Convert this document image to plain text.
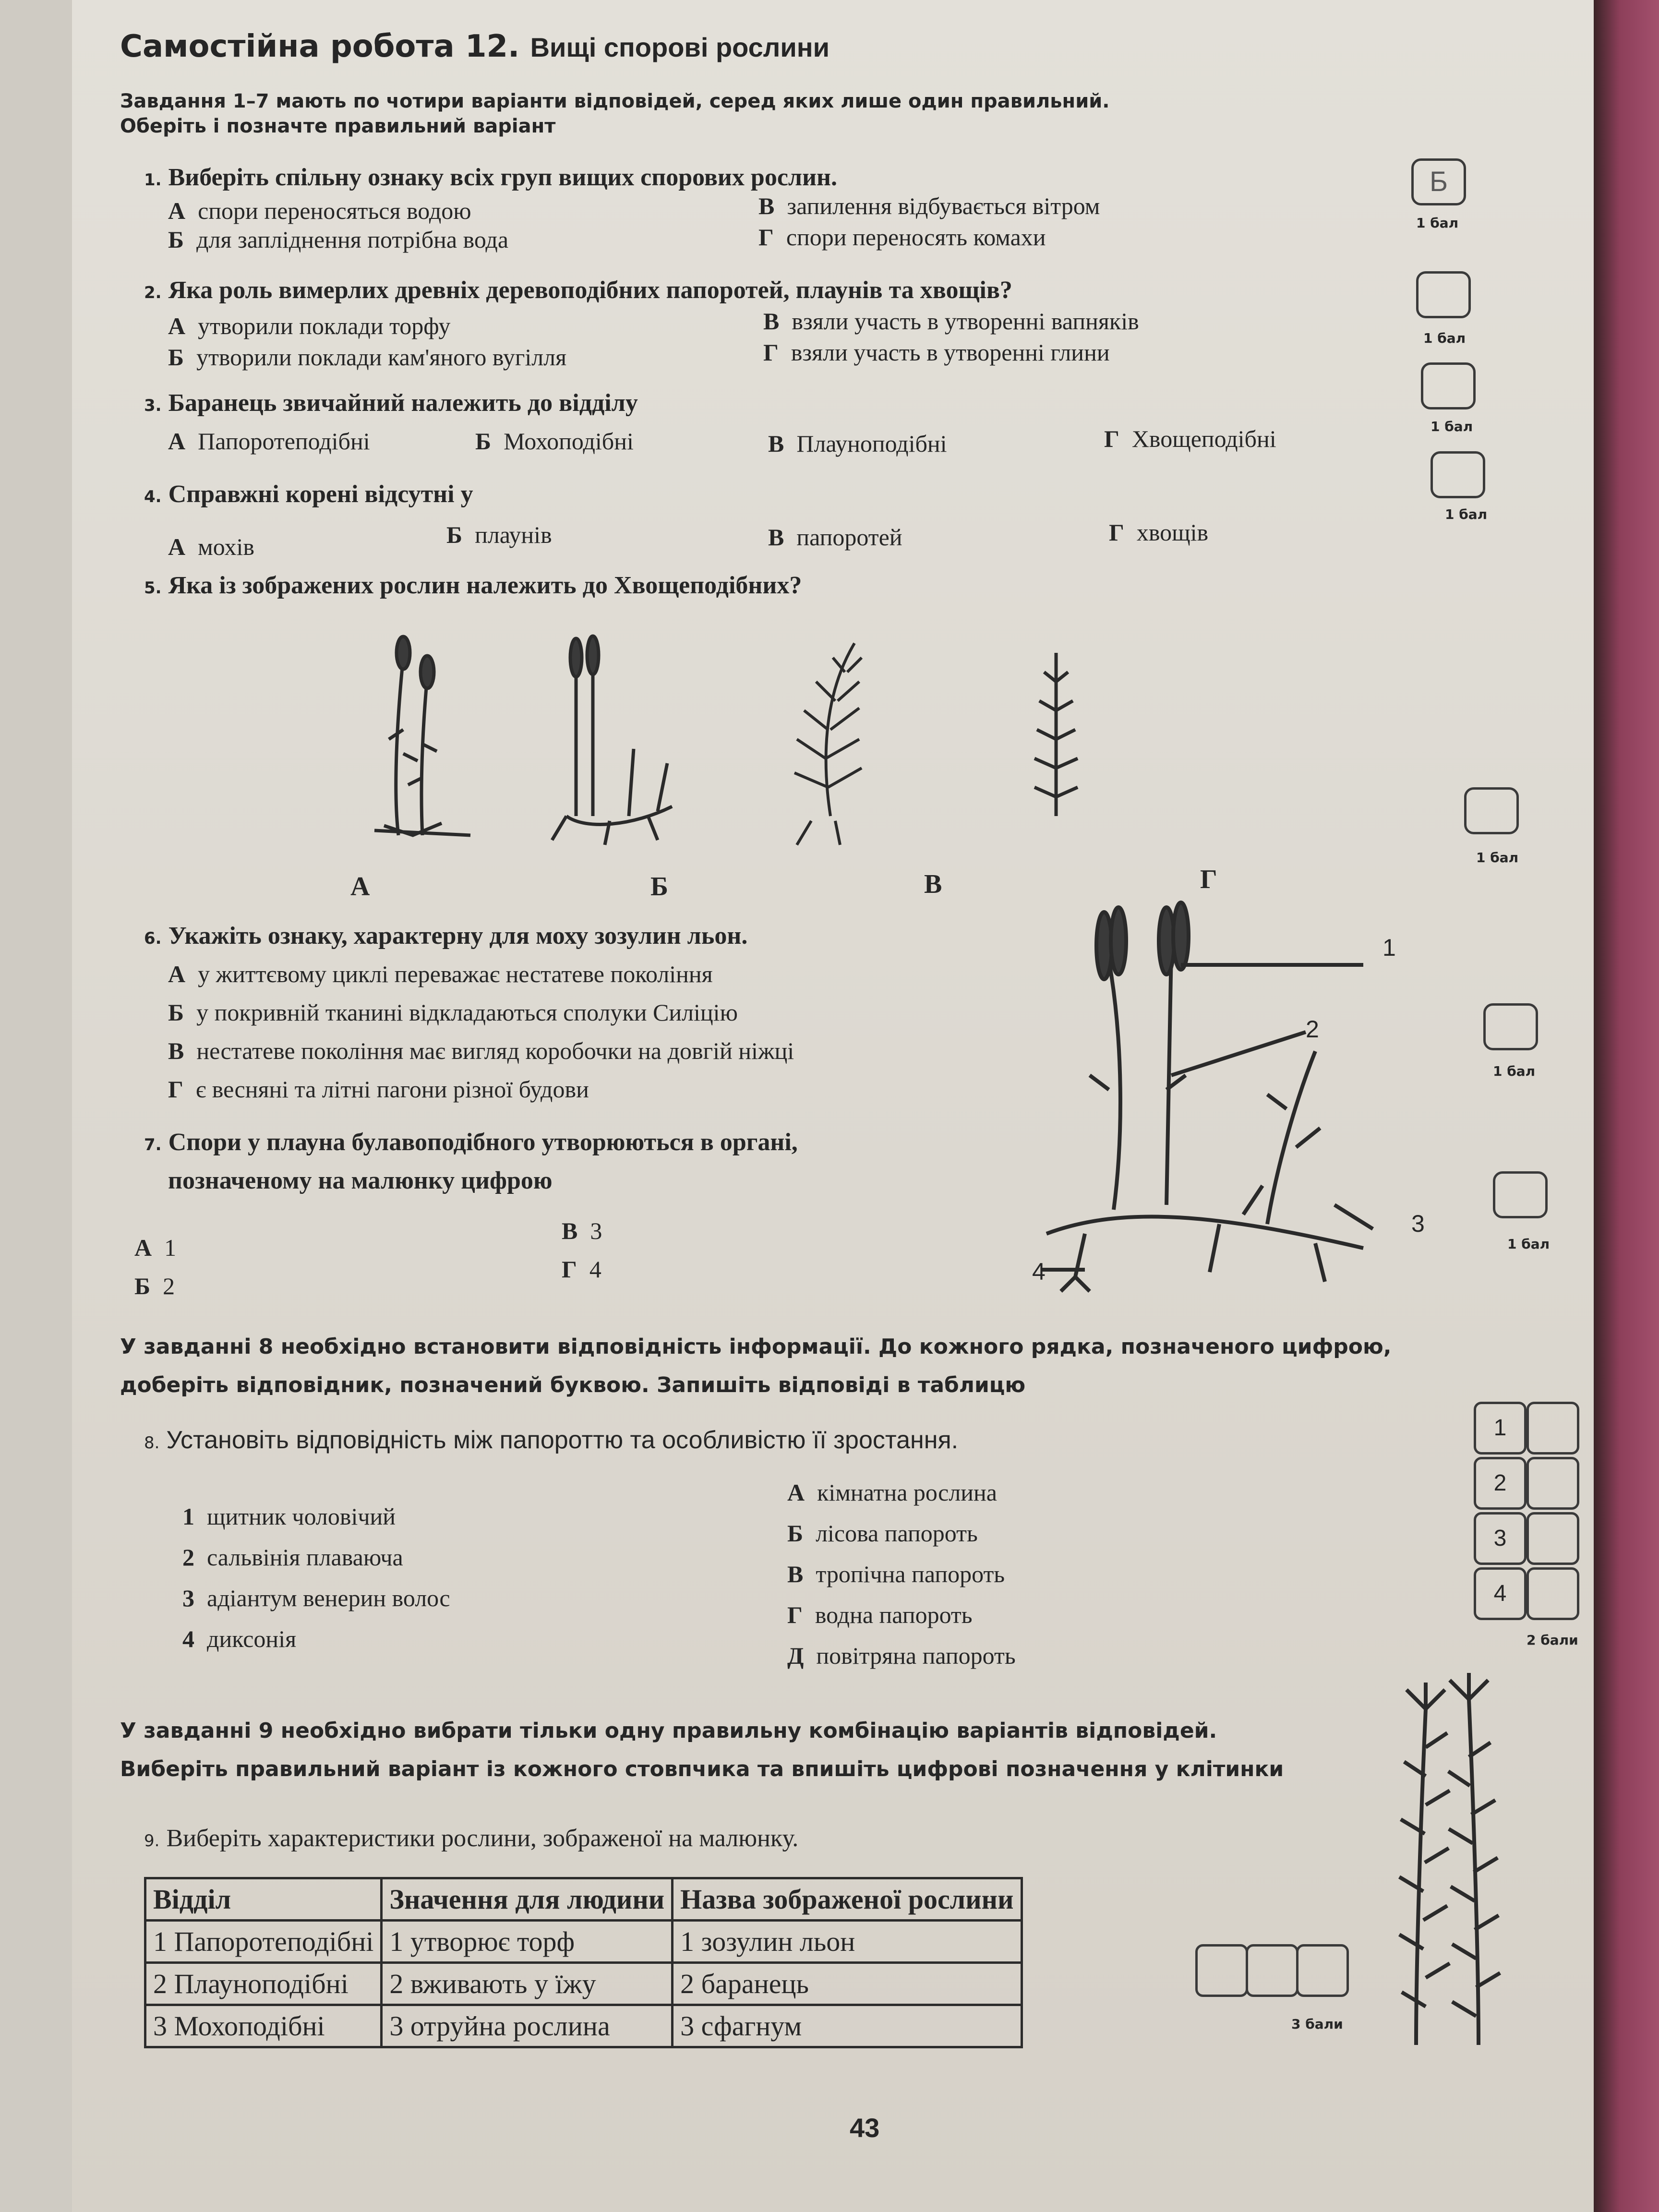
Самостійна робота 12. Вищі спорові рослини
Завдання 1–7 мають по чотири варіанти відповідей, серед яких лише один правильний.
Оберіть і позначте правильний варіант
1. Виберіть спільну ознаку всіх груп вищих спорових рослин.
А спори переносяться водою
Б для запліднення потрібна вода
В запилення відбувається вітром
Г спори переносять комахи
Б
1 бал
2. Яка роль вимерлих древніх деревоподібних папоротей, плаунів та хвощів?
А утворили поклади торфу
Б утворили поклади кам'яного вугілля
В взяли участь в утворенні вапняків
Г взяли участь в утворенні глини
1 бал
3. Баранець звичайний належить до відділу
А Папоротеподібні	Б Мохоподібні	В Плауноподібні	Г Хвощеподібні	1 бал
4. Справжні корені відсутні у
А мохів	Б плаунів	В папоротей	Г хвощів
1 бал
5. Яка із зображених рослин належить до Хвощеподібних?
А	Б	В	Г
1 бал
6. Укажіть ознаку, характерну для моху зозулин льон.
А у життєвому циклі переважає нестатеве покоління
Б у покривній тканині відкладаються сполуки Силіцію
В нестатеве покоління має вигляд коробочки на довгій ніжці
Г є весняні та літні пагони різної будови
1 бал
7. Спори у плауна булавоподібного утворюються в органі,
позначеному на малюнку цифрою
А 1
Б 2
В 3
Г 4
1
2
3
4
1 бал
У завданні 8 необхідно встановити відповідність інформації. До кожного рядка, позначеного цифрою,
доберіть відповідник, позначений буквою. Запишіть відповіді в таблицю
8. Установіть відповідність між папороттю та особливістю її зростання.
1 щитник чоловічий
2 сальвінія плаваюча
3 адіантум венерин волос
4 диксонія
А кімнатна рослина
Б лісова папороть
В тропічна папороть
Г водна папороть
Д повітряна папороть
1
2
3
4
2 бали
У завданні 9 необхідно вибрати тільки одну правильну комбінацію варіантів відповідей.
Виберіть правильний варіант із кожного стовпчика та впишіть цифрові позначення у клітинки
9. Виберіть характеристики рослини, зображеної на малюнку.
Відділ	Значення для людини	Назва зображеної рослини
1 Папоротеподібні	1 утворює торф	1 зозулин льон
2 Плауноподібні	2 вживають у їжу	2 баранець
3 Мохоподібні	3 отруйна рослина	3 сфагнум	3 бали
43
